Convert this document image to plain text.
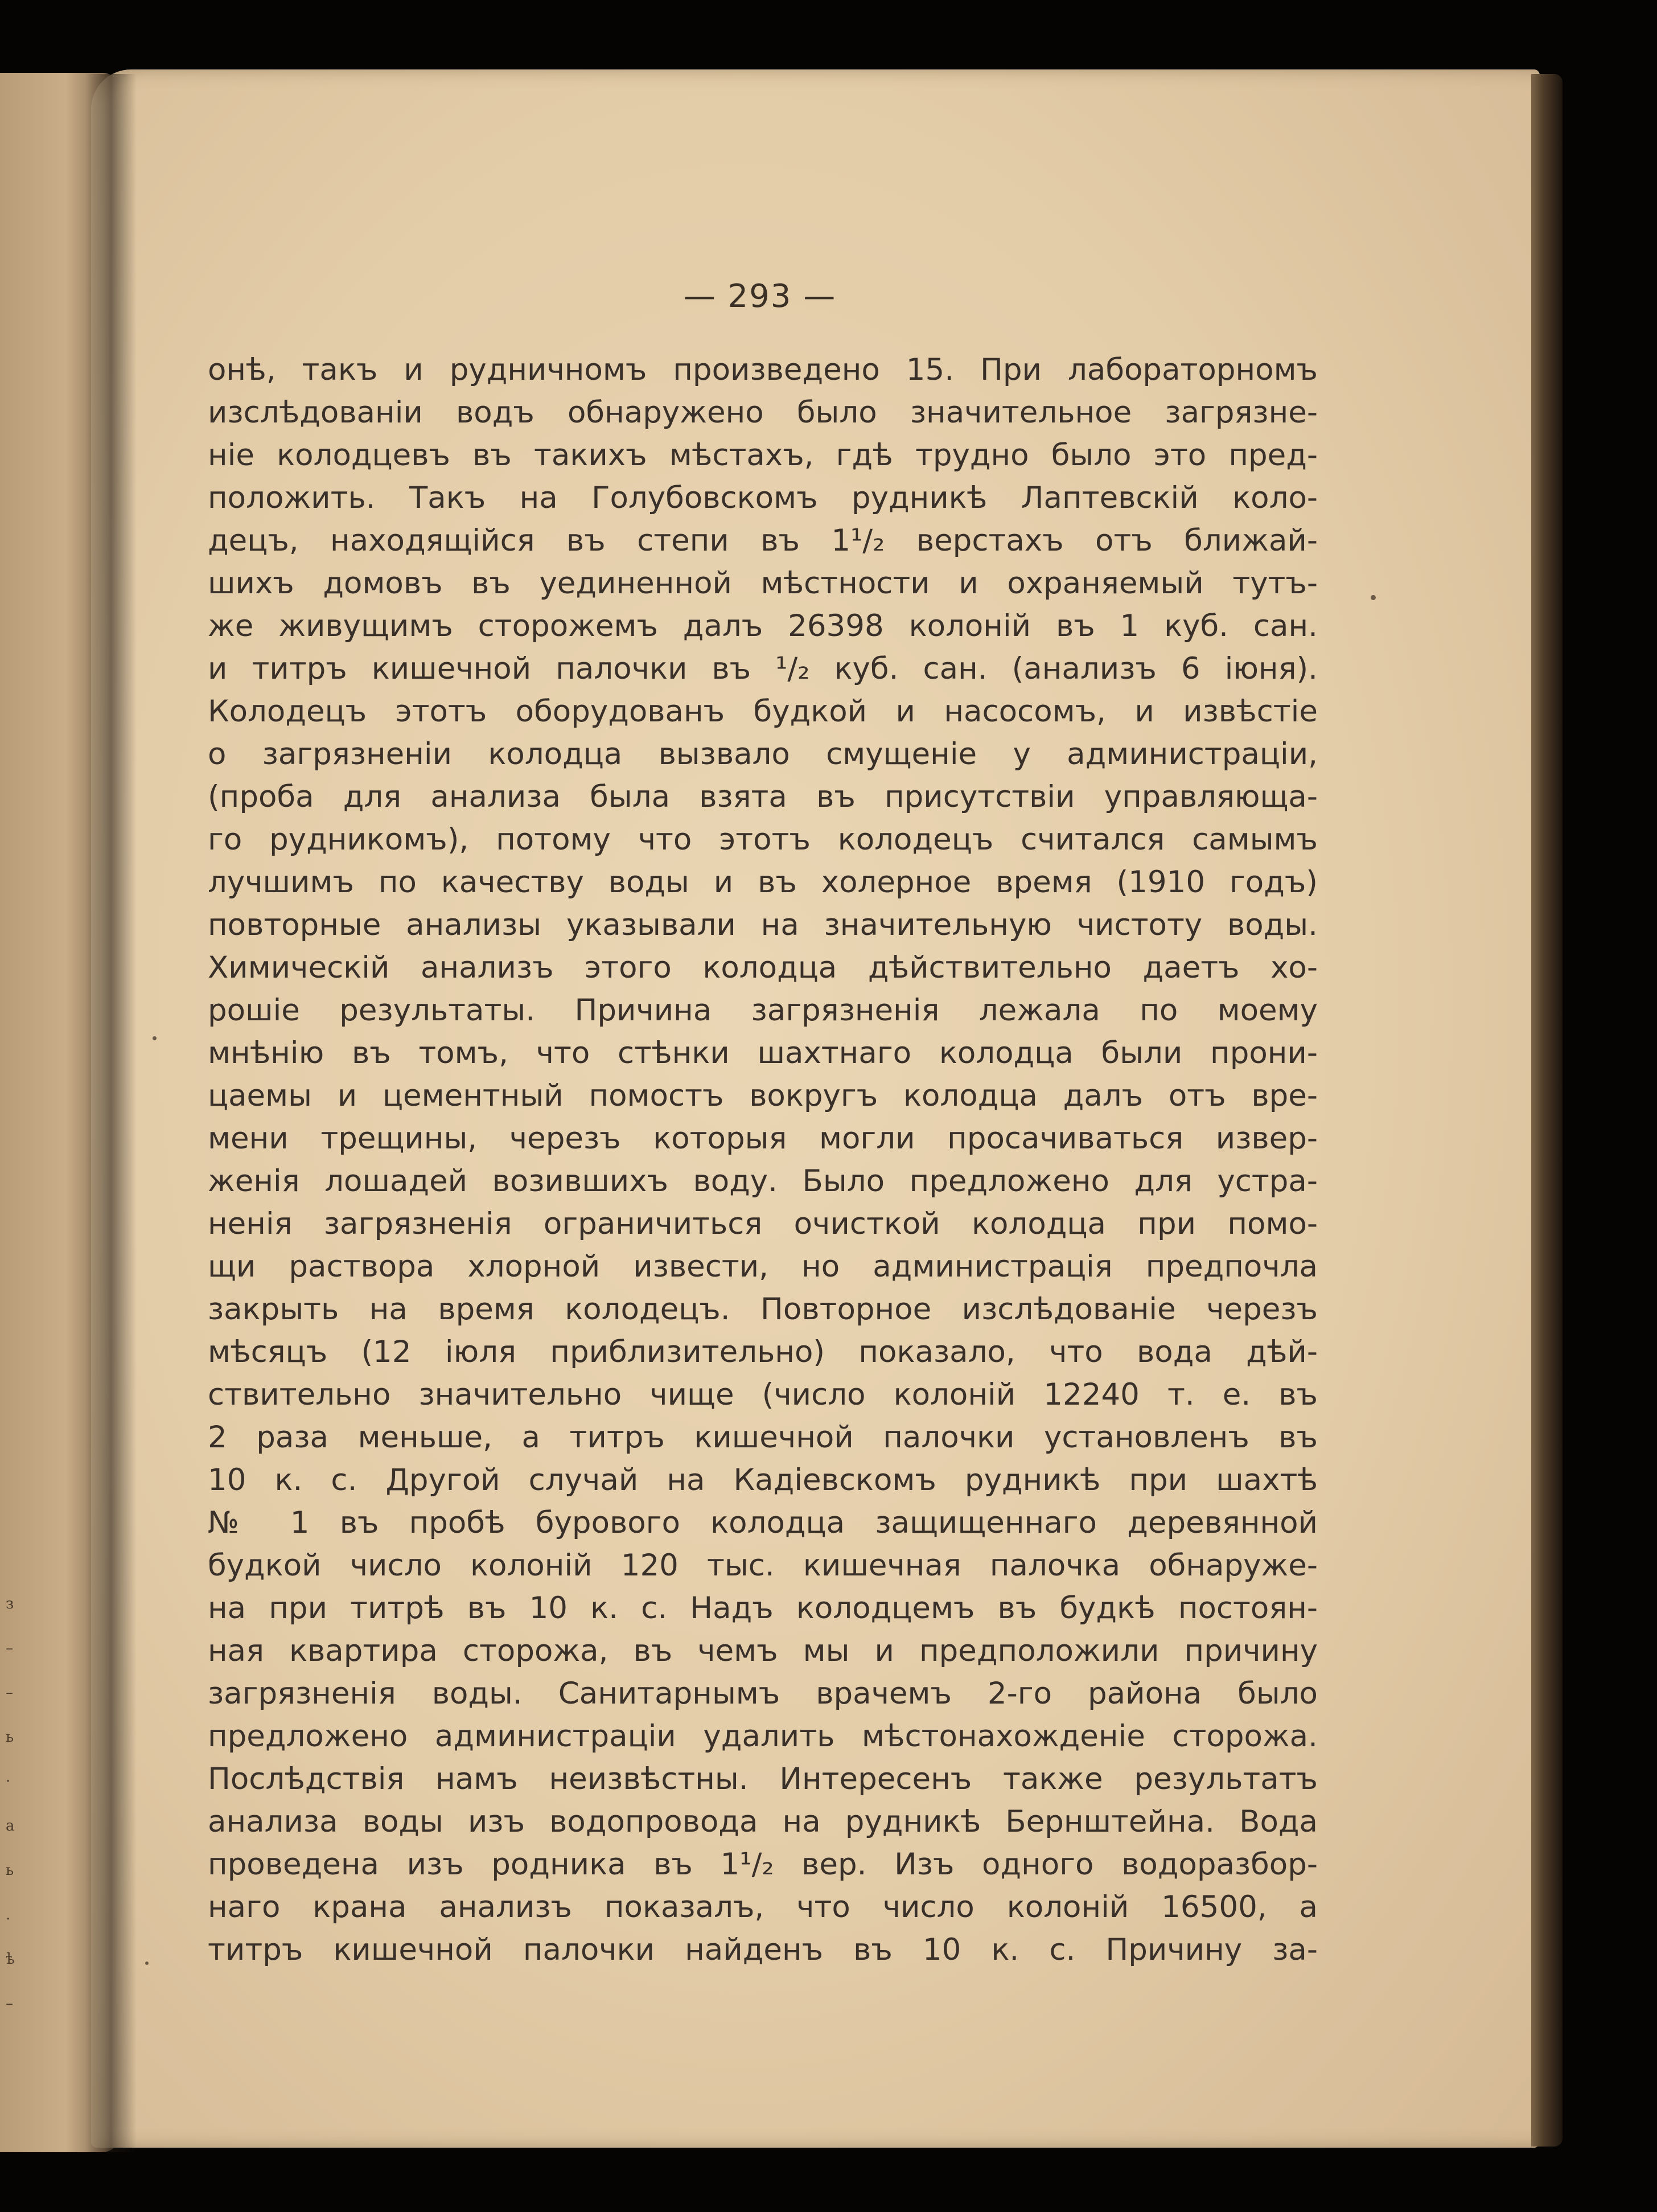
з
–
–
ь
·
а
ь
.
ѣ
–
— 293 —
онѣ, такъ и рудничномъ произведено 15. При лабораторномъ
изслѣдованіи водъ обнаружено было значительное загрязне-
ніе колодцевъ въ такихъ мѣстахъ, гдѣ трудно было это пред-
положить. Такъ на Голубовскомъ рудникѣ Лаптевскій коло-
децъ, находящійся въ степи въ 1¹/₂ верстахъ отъ ближай-
шихъ домовъ въ уединенной мѣстности и охраняемый тутъ-
же живущимъ сторожемъ далъ 26398 колоній въ 1 куб. сан.
и титръ кишечной палочки въ ¹/₂ куб. сан. (анализъ 6 іюня).
Колодецъ этотъ оборудованъ будкой и насосомъ, и извѣстіе
о загрязненіи колодца вызвало смущеніе у администраціи,
(проба для анализа была взята въ присутствіи управляюща-
го рудникомъ), потому что этотъ колодецъ считался самымъ
лучшимъ по качеству воды и въ холерное время (1910 годъ)
повторные анализы указывали на значительную чистоту воды.
Химическій анализъ этого колодца дѣйствительно даетъ хо-
рошіе результаты. Причина загрязненія лежала по моему
мнѣнію въ томъ, что стѣнки шахтнаго колодца были прони-
цаемы и цементный помостъ вокругъ колодца далъ отъ вре-
мени трещины, черезъ которыя могли просачиваться извер-
женія лошадей возившихъ воду. Было предложено для устра-
ненія загрязненія ограничиться очисткой колодца при помо-
щи раствора хлорной извести, но администрація предпочла
закрыть на время колодецъ. Повторное изслѣдованіе черезъ
мѣсяцъ (12 іюля приблизительно) показало, что вода дѣй-
ствительно значительно чище (число колоній 12240 т. е. въ
2 раза меньше, а титръ кишечной палочки установленъ въ
10 к. с. Другой случай на Кадіевскомъ рудникѣ при шахтѣ
№ 1 въ пробѣ бурового колодца защищеннаго деревянной
будкой число колоній 120 тыс. кишечная палочка обнаруже-
на при титрѣ въ 10 к. с. Надъ колодцемъ въ будкѣ постоян-
ная квартира сторожа, въ чемъ мы и предположили причину
загрязненія воды. Санитарнымъ врачемъ 2-го района было
предложено администраціи удалить мѣстонахожденіе сторожа.
Послѣдствія намъ неизвѣстны. Интересенъ также результатъ
анализа воды изъ водопровода на рудникѣ Бернштейна. Вода
проведена изъ родника въ 1¹/₂ вер. Изъ одного водоразбор-
наго крана анализъ показалъ, что число колоній 16500, а
титръ кишечной палочки найденъ въ 10 к. с. Причину за-
